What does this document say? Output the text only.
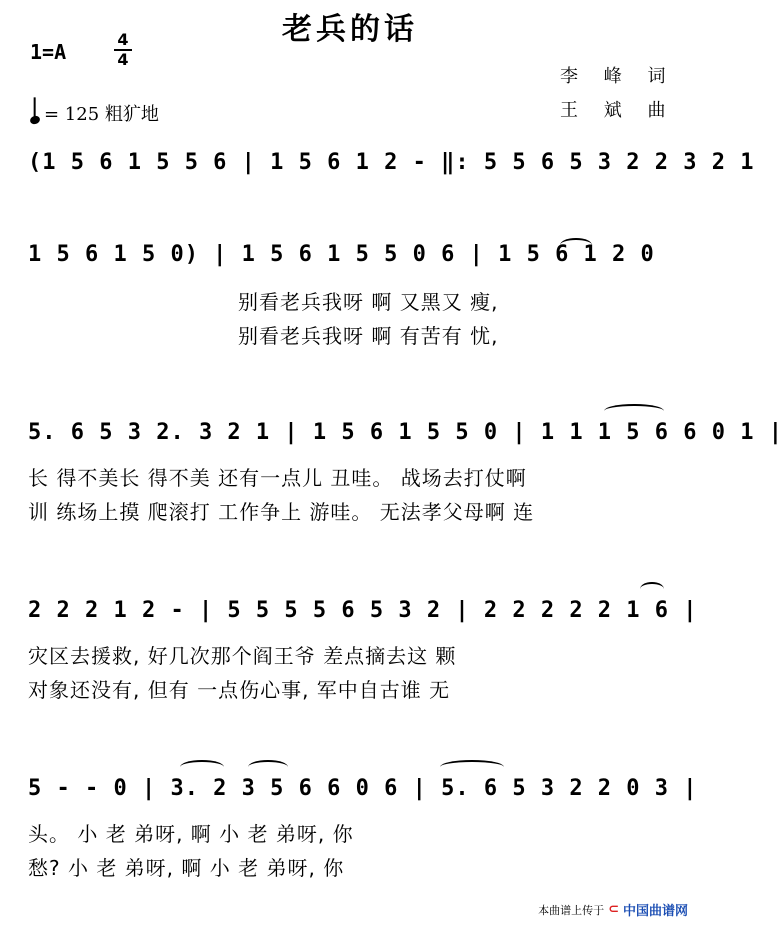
老兵的话
1=A
4
4
李 峰 词
王 斌 曲
= 125 粗犷地
(1 5 6 1 5 5 6 | 1 5 6 1 2 - ‖: 5 5 6 5 3 2 2 3 2 1
1 5 6 1 5 0) | 1 5 6 1 5 5 0 6 | 1 5 6 1 2 0
别看老兵我呀 啊 又黑又 瘦,
别看老兵我呀 啊 有苦有 忧,
5. 6 5 3 2. 3 2 1 | 1 5 6 1 5 5 0 | 1 1 1 5 6 6 0 1 |
长 得不美长 得不美 还有一点儿 丑哇。 战场去打仗啊
训 练场上摸 爬滚打 工作争上 游哇。 无法孝父母啊 连
2 2 2 1 2 - | 5 5 5 5 6 5 3 2 | 2 2 2 2 2 1 6 |
灾区去援救, 好几次那个阎王爷 差点摘去这 颗
对象还没有, 但有 一点伤心事, 军中自古谁 无
5 - - 0 | 3. 2 3 5 6 6 0 6 | 5. 6 5 3 2 2 0 3 |
头。 小 老 弟呀, 啊 小 老 弟呀, 你
愁? 小 老 弟呀, 啊 小 老 弟呀, 你
本曲谱上传于 ⊂ 中国曲谱网
